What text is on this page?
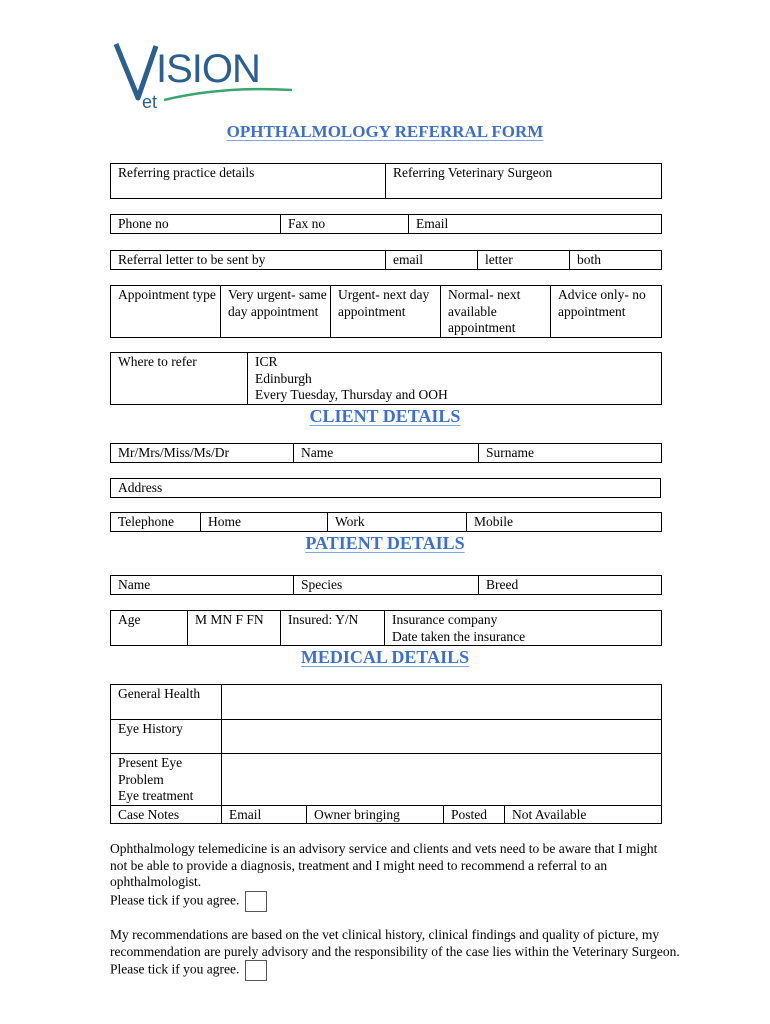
ISION
et
OPHTHALMOLOGY REFERRAL FORM
Referring practice details	Referring Veterinary Surgeon
Phone no	Fax no	Email
Referral letter to be sent by	email	letter	both
Appointment type	Very urgent- same day appointment	Urgent- next day appointment	Normal- next available appointment	Advice only- no appointment
Where to refer	ICR
Edinburgh
Every Tuesday, Thursday and OOH
CLIENT DETAILS
Mr/Mrs/Miss/Ms/Dr	Name	Surname
Address
Telephone	Home	Work	Mobile
PATIENT DETAILS
Name	Species	Breed
Age	M MN F FN	Insured: Y/N	Insurance company
Date taken the insurance
MEDICAL DETAILS
General Health				
Eye History				
Present Eye Problem
Eye treatment				
Case Notes	Email	Owner bringing	Posted	Not Available
Ophthalmology telemedicine is an advisory service and clients and vets need to be aware that I might not be able to provide a diagnosis, treatment and I might need to recommend a referral to an ophthalmologist.
Please tick if you agree.
My recommendations are based on the vet clinical history, clinical findings and quality of picture, my recommendation are purely advisory and the responsibility of the case lies within the Veterinary Surgeon.
Please tick if you agree.
